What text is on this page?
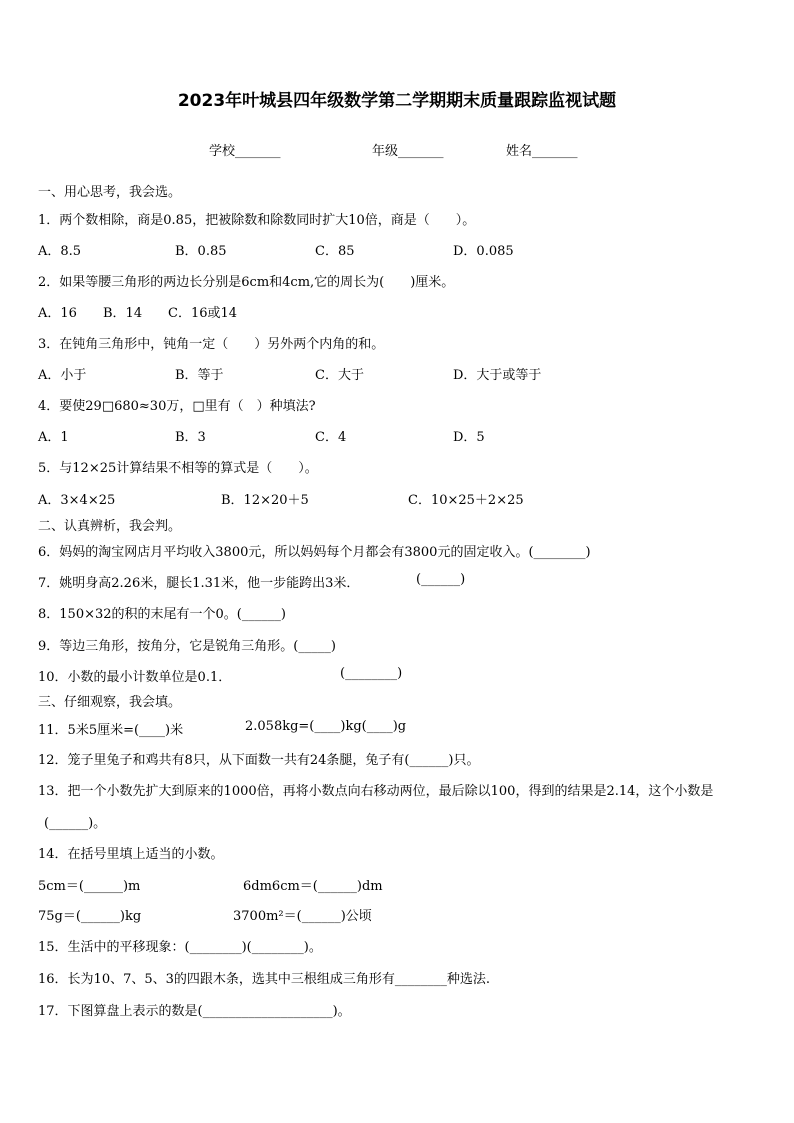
2023年叶城县四年级数学第二学期期末质量跟踪监视试题
学校_______	年级_______	姓名_______
一、用心思考，我会选。
1．两个数相除，商是0.85，把被除数和除数同时扩大10倍，商是（　　）。
A．8.5	B．0.85	C．85	D．0.085
2．如果等腰三角形的两边长分别是6cm和4cm,它的周长为(　　)厘米。
A．16 B．14 C．16或14
3．在钝角三角形中，钝角一定（　　）另外两个内角的和。
A．小于	B．等于	C．大于	D．大于或等于
4．要使29□680≈30万，□里有（　）种填法?
A．1	B．3	C．4	D．5
5．与12×25计算结果不相等的算式是（　　）。
A．3×4×25	B．12×20＋5	C．10×25＋2×25
二、认真辨析，我会判。
6．妈妈的淘宝网店月平均收入3800元，所以妈妈每个月都会有3800元的固定收入。(________)
7．姚明身高2.26米，腿长1.31米，他一步能跨出3米．	(______)
8．150×32的积的末尾有一个0。(______)
9．等边三角形，按角分，它是锐角三角形。(_____)
10．小数的最小计数单位是0.1．	(________)
三、仔细观察，我会填。
11．5米5厘米=(____)米	2.058kg=(____)kg(____)g
12．笼子里兔子和鸡共有8只，从下面数一共有24条腿，兔子有(______)只。
13．把一个小数先扩大到原来的1000倍，再将小数点向右移动两位，最后除以100，得到的结果是2.14，这个小数是
(______)。
14．在括号里填上适当的小数。
5cm＝(______)m	6dm6cm＝(______)dm
75g＝(______)kg	3700m²＝(______)公顷
15．生活中的平移现象：(________)(________)。
16．长为10、7、5、3的四跟木条，选其中三根组成三角形有________种选法.
17．下图算盘上表示的数是(____________________)。
